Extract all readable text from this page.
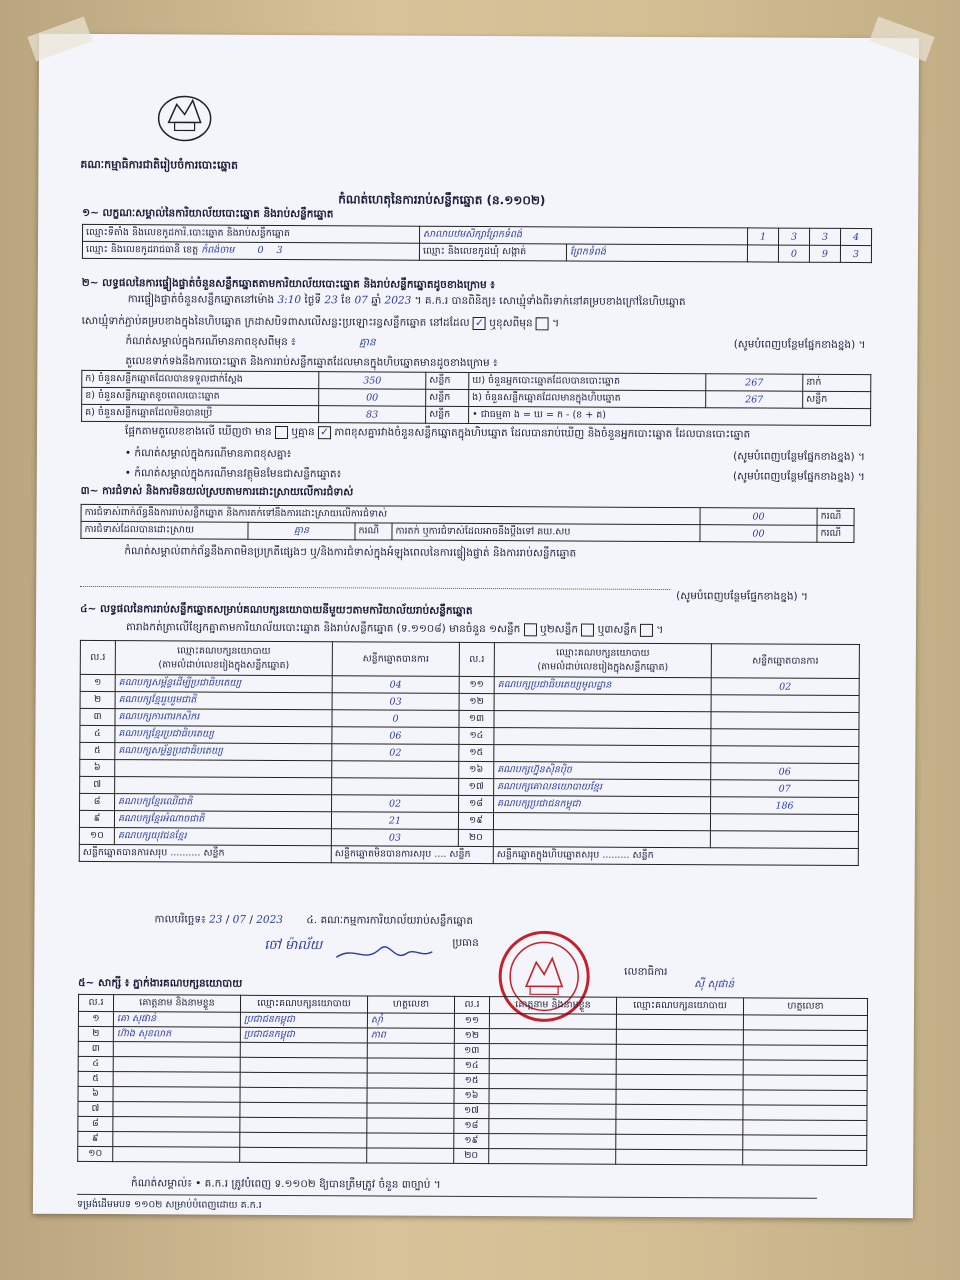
គណៈកម្មាធិការជាតិរៀបចំការបោះឆ្នោត
កំណត់ហេតុនៃការរាប់សន្លឹកឆ្នោត (ន.១១០២)
១~ លក្ខណៈសម្គាល់នៃការិយាល័យបោះឆ្នោត និងរាប់សន្លឹកឆ្នោត
ឈ្មោះទីតាំង និងលេខកូដការិ.បោះឆ្នោត និងរាប់សន្លឹកឆ្នោត	សាលាបឋមសិក្សាព្រែកទំពង់		1	3	3	4
ឈ្មោះ និងលេខកូដរាជធានី ខេត្ត កំពង់ចាម 0 3	ឈ្មោះ និងលេខកូដឃុំ សង្កាត់	ព្រែកទំពង់		0	9	3
២~ លទ្ធផលនៃការផ្ទៀងផ្ទាត់ចំនួនសន្លឹកឆ្នោតតាមការិយាល័យបោះឆ្នោត និងរាប់សន្លឹកឆ្នោតដូចខាងក្រោម ៖
ការផ្ទៀងផ្ទាត់ចំនួនសន្លឹកឆ្នោតនៅម៉ោង 3:10 ថ្ងៃទី 23 ខែ 07 ឆ្នាំ 2023 ។ គ.ក.រ បានពិនិត្យ៖ សោឃ្មុំទាំងពីរទាក់នៅគម្របខាងក្រៅនៃហិបឆ្នោត
សោឃ្មុំទាក់ភ្ជាប់គម្របខាងក្នុងនៃហិបឆ្នោត ក្រដាសបិទពាសលើសន្លះប្រឡោះរន្ធសន្លឹកឆ្នោត នៅដដែល ✓ ឬខុសពីមុន  ។
កំណត់សម្គាល់ក្នុងករណីមានភាពខុសពីមុន ៖	គ្មាន	(សូមបំពេញបន្ថែមផ្នែកខាងខ្នង) ។
តួលេខទាក់ទងនឹងការបោះឆ្នោត និងការរាប់សន្លឹកឆ្នោតដែលមានក្នុងហិបឆ្នោតមានដូចខាងក្រោម ៖
ក) ចំនួនសន្លឹកឆ្នោតដែលបានទទួលជាក់ស្តែង	350	សន្លឹក	ឃ) ចំនួនអ្នកបោះឆ្នោតដែលបានបោះឆ្នោត	267	នាក់
ខ) ចំនួនសន្លឹកឆ្នោតខូចពេលបោះឆ្នោត	00	សន្លឹក	ង) ចំនួនសន្លឹកឆ្នោតដែលមានក្នុងហិបឆ្នោត	267	សន្លឹក
គ) ចំនួនសន្លឹកឆ្នោតដែលមិនបានប្រើ	83	សន្លឹក	• ជាធម្មតា ង = ឃ = ក - (ខ + គ)		
ផ្អែកតាមតួលេខខាងលើ ឃើញថា មាន ឬគ្មាន ✓ ភាពខុសគ្នារវាងចំនួនសន្លឹកឆ្នោតក្នុងហិបឆ្នោត ដែលបានរាប់ឃើញ និងចំនួនអ្នកបោះឆ្នោត ដែលបានបោះឆ្នោត
• កំណត់សម្គាល់ក្នុងករណីមានភាពខុសគ្នា៖	(សូមបំពេញបន្ថែមផ្នែកខាងខ្នង) ។
• កំណត់សម្គាល់ក្នុងករណីមានវត្ថុមិនមែនជាសន្លឹកឆ្នោត៖	(សូមបំពេញបន្ថែមផ្នែកខាងខ្នង) ។
៣~ ការជំទាស់ និងការមិនយល់ស្របតាមការដោះស្រាយលើការជំទាស់
ការជំទាស់ពាក់ព័ន្ធនឹងការរាប់សន្លឹកឆ្នោត និងការតក់ទៅនឹងការដោះស្រាយលើការជំទាស់				00	ករណី
ការជំទាស់ដែលបានដោះស្រាយ	គ្មាន	ករណី	ការតក់ ឬការជំទាស់ដែលអាចនឹងប្តឹងទៅ គឃ.សប	00	ករណី
កំណត់សម្គាល់ពាក់ព័ន្ធនឹងភាពមិនប្រក្រតីផ្សេងៗ ឬ/និងការជំទាស់ក្នុងអំឡុងពេលនៃការផ្ទៀងផ្ទាត់ និងការរាប់សន្លឹកឆ្នោត
(សូមបំពេញបន្ថែមផ្នែកខាងខ្នង) ។
៤~ លទ្ធផលនៃការរាប់សន្លឹកឆ្នោតសម្រាប់គណបក្សនយោបាយនីមួយៗតាមការិយាល័យរាប់សន្លឹកឆ្នោត
តារាងកត់ត្រាលើខ្សែកគ្នាតាមការិយាល័យបោះឆ្នោត និងរាប់សន្លឹកឆ្នោត (ទ.១១០៨) មានចំនួន ១សន្លឹក ឬ២សន្លឹក ឬ៣សន្លឹក  ។
ល.រ	ឈ្មោះគណបក្សនយោបាយ
(តាមលំដាប់លេខរៀងក្នុងសន្លឹកឆ្នោត)	សន្លឹកឆ្នោតបានការ	ល.រ	ឈ្មោះគណបក្សនយោបាយ
(តាមលំដាប់លេខរៀងក្នុងសន្លឹកឆ្នោត)	សន្លឹកឆ្នោតបានការ
១	គណបក្សសម្ព័ន្ធដើម្បីប្រជាធិបតេយ្យ	04	១១	គណបក្សប្រជាធិបតេយ្យមូលដ្ឋាន	02
២	គណបក្សខ្មែររួបរួមជាតិ	03	១២		
៣	គណបក្សការពារកសិករ	0	១៣		
៤	គណបក្សខ្មែរប្រជាធិបតេយ្យ	06	១៤		
៥	គណបក្សសម្ព័ន្ធប្រជាធិបតេយ្យ	02	១៥		
៦			១៦	គណបក្សហ្វ៊ុនស៊ិនប៉ិច	06
៧			១៧	គណបក្សគោលនយោបាយខ្មែរ	07
៨	គណបក្សខ្មែរឈើជាតិ	02	១៨	គណបក្សប្រជាជនកម្ពុជា	186
៩	គណបក្សខ្មែរអំណាចជាតិ	21	១៩		
១០	គណបក្សយុវជនខ្មែរ	03	២០		
សន្លឹកឆ្នោតបានការសរុប .......... សន្លឹក		សន្លឹកឆ្នោតមិនបានការសរុប .... សន្លឹក		សន្លឹកឆ្នោតក្នុងហិបឆ្នោតសរុប ......... សន្លឹក	
កាលបរិច្ឆេទ៖ 23 / 07 / 2023 ៤. គណៈកម្មការការិយាល័យរាប់សន្លឹកឆ្នោត
ចៅ ម៉ាល័យ	ប្រធាន
លេខាធិការ
ស៊ី សុផាន់
៥~ សាក្សី ៖ ភ្នាក់ងារគណបក្សនយោបាយ
ល.រ	គោត្តនាម និងនាមខ្លួន	ឈ្មោះគណបក្សនយោបាយ	ហត្ថលេខា	ល.រ	គោត្តនាម និងនាមខ្លួន	ឈ្មោះគណបក្សនយោបាយ	ហត្ថលេខា
១	គោ សុផាន់	ប្រជាជនកម្ពុជា	ស៊ាំ	១១			
២	ហ៊ាង សុខលាភ	ប្រជាជនកម្ពុជា	ភាព	១២			
៣				១៣			
៤				១៤			
៥				១៥			
៦				១៦			
៧				១៧			
៨				១៨			
៩				១៩			
១០				២០			
កំណត់សម្គាល់៖ • គ.ក.រ ត្រូវបំពេញ ទ.១១០២ ឱ្យបានត្រឹមត្រូវ ចំនួន ៣ច្បាប់ ។
ទម្រង់ដើមមបទ ១១០២ សម្រាប់បំពេញដោយ គ.ក.រ
